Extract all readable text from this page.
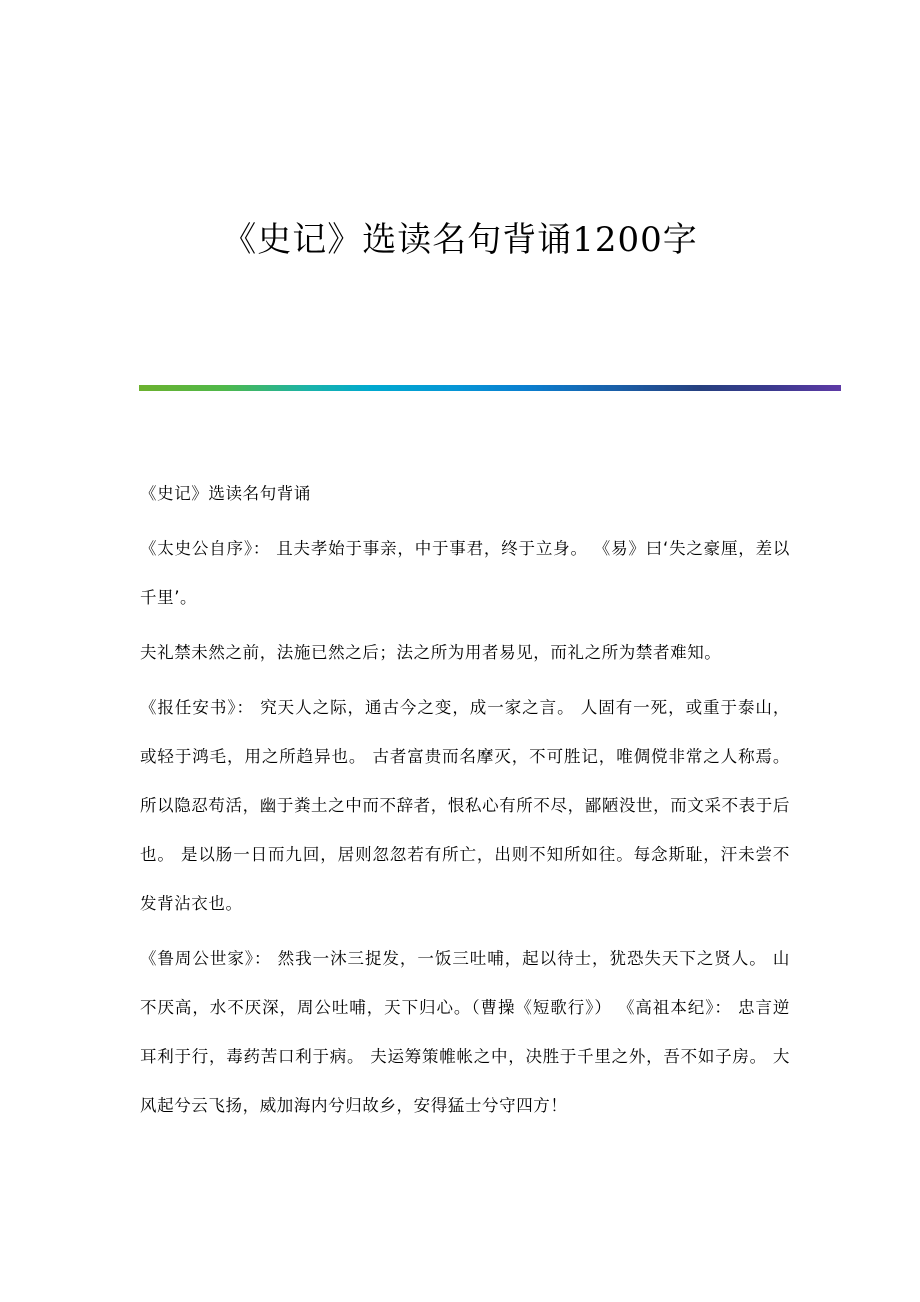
《史记》选读名句背诵1200字

《史记》选读名句背诵

《太史公自序》： 且夫孝始于事亲，中于事君，终于立身。 《易》曰‘失之豪厘，差以千里’。

夫礼禁未然之前，法施已然之后；法之所为用者易见，而礼之所为禁者难知。

《报任安书》： 究天人之际，通古今之变，成一家之言。 人固有一死，或重于泰山，或轻于鸿毛，用之所趋异也。 古者富贵而名摩灭，不可胜记，唯倜傥非常之人称焉。 所以隐忍苟活，幽于粪土之中而不辞者，恨私心有所不尽，鄙陋没世，而文采不表于后也。 是以肠一日而九回，居则忽忽若有所亡，出则不知所如往。每念斯耻，汗未尝不发背沾衣也。

《鲁周公世家》： 然我一沐三捉发，一饭三吐哺，起以待士，犹恐失天下之贤人。 山不厌高，水不厌深，周公吐哺，天下归心。（曹操《短歌行》） 《高祖本纪》： 忠言逆耳利于行，毒药苦口利于病。 夫运筹策帷帐之中，决胜于千里之外，吾不如子房。 大风起兮云飞扬，威加海内兮归故乡，安得猛士兮守四方！
